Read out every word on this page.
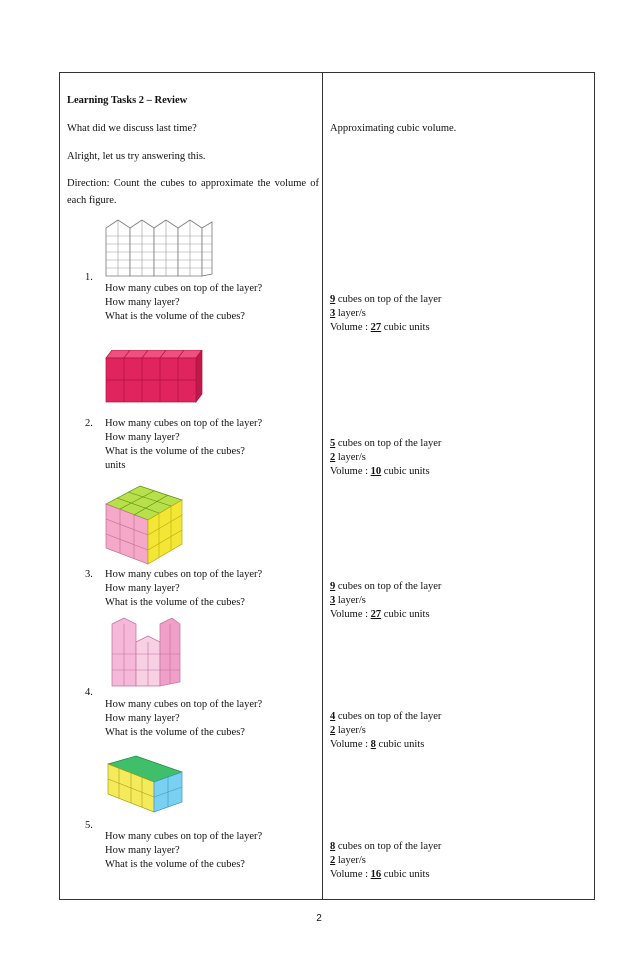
Learning Tasks 2 – Review
What did we discuss last time?
Alright, let us try answering this.
Direction: Count the cubes to approximate the volume of each figure.
Approximating cubic volume.
1.
How many cubes on top of the layer?
How many layer?
What is the volume of the cubes?
2. How many cubes on top of the layer?
How many layer?
What is the volume of the cubes?
units
3. How many cubes on top of the layer?
How many layer?
What is the volume of the cubes?
4.
How many cubes on top of the layer?
How many layer?
What is the volume of the cubes?
5.
How many cubes on top of the layer?
How many layer?
What is the volume of the cubes?
9 cubes on top of the layer
3 layer/s
Volume : 27 cubic units
5 cubes on top of the layer
2 layer/s
Volume : 10 cubic units
9 cubes on top of the layer
3 layer/s
Volume : 27 cubic units
4 cubes on top of the layer
2 layer/s
Volume : 8 cubic units
8 cubes on top of the layer
2 layer/s
Volume : 16 cubic units
2
